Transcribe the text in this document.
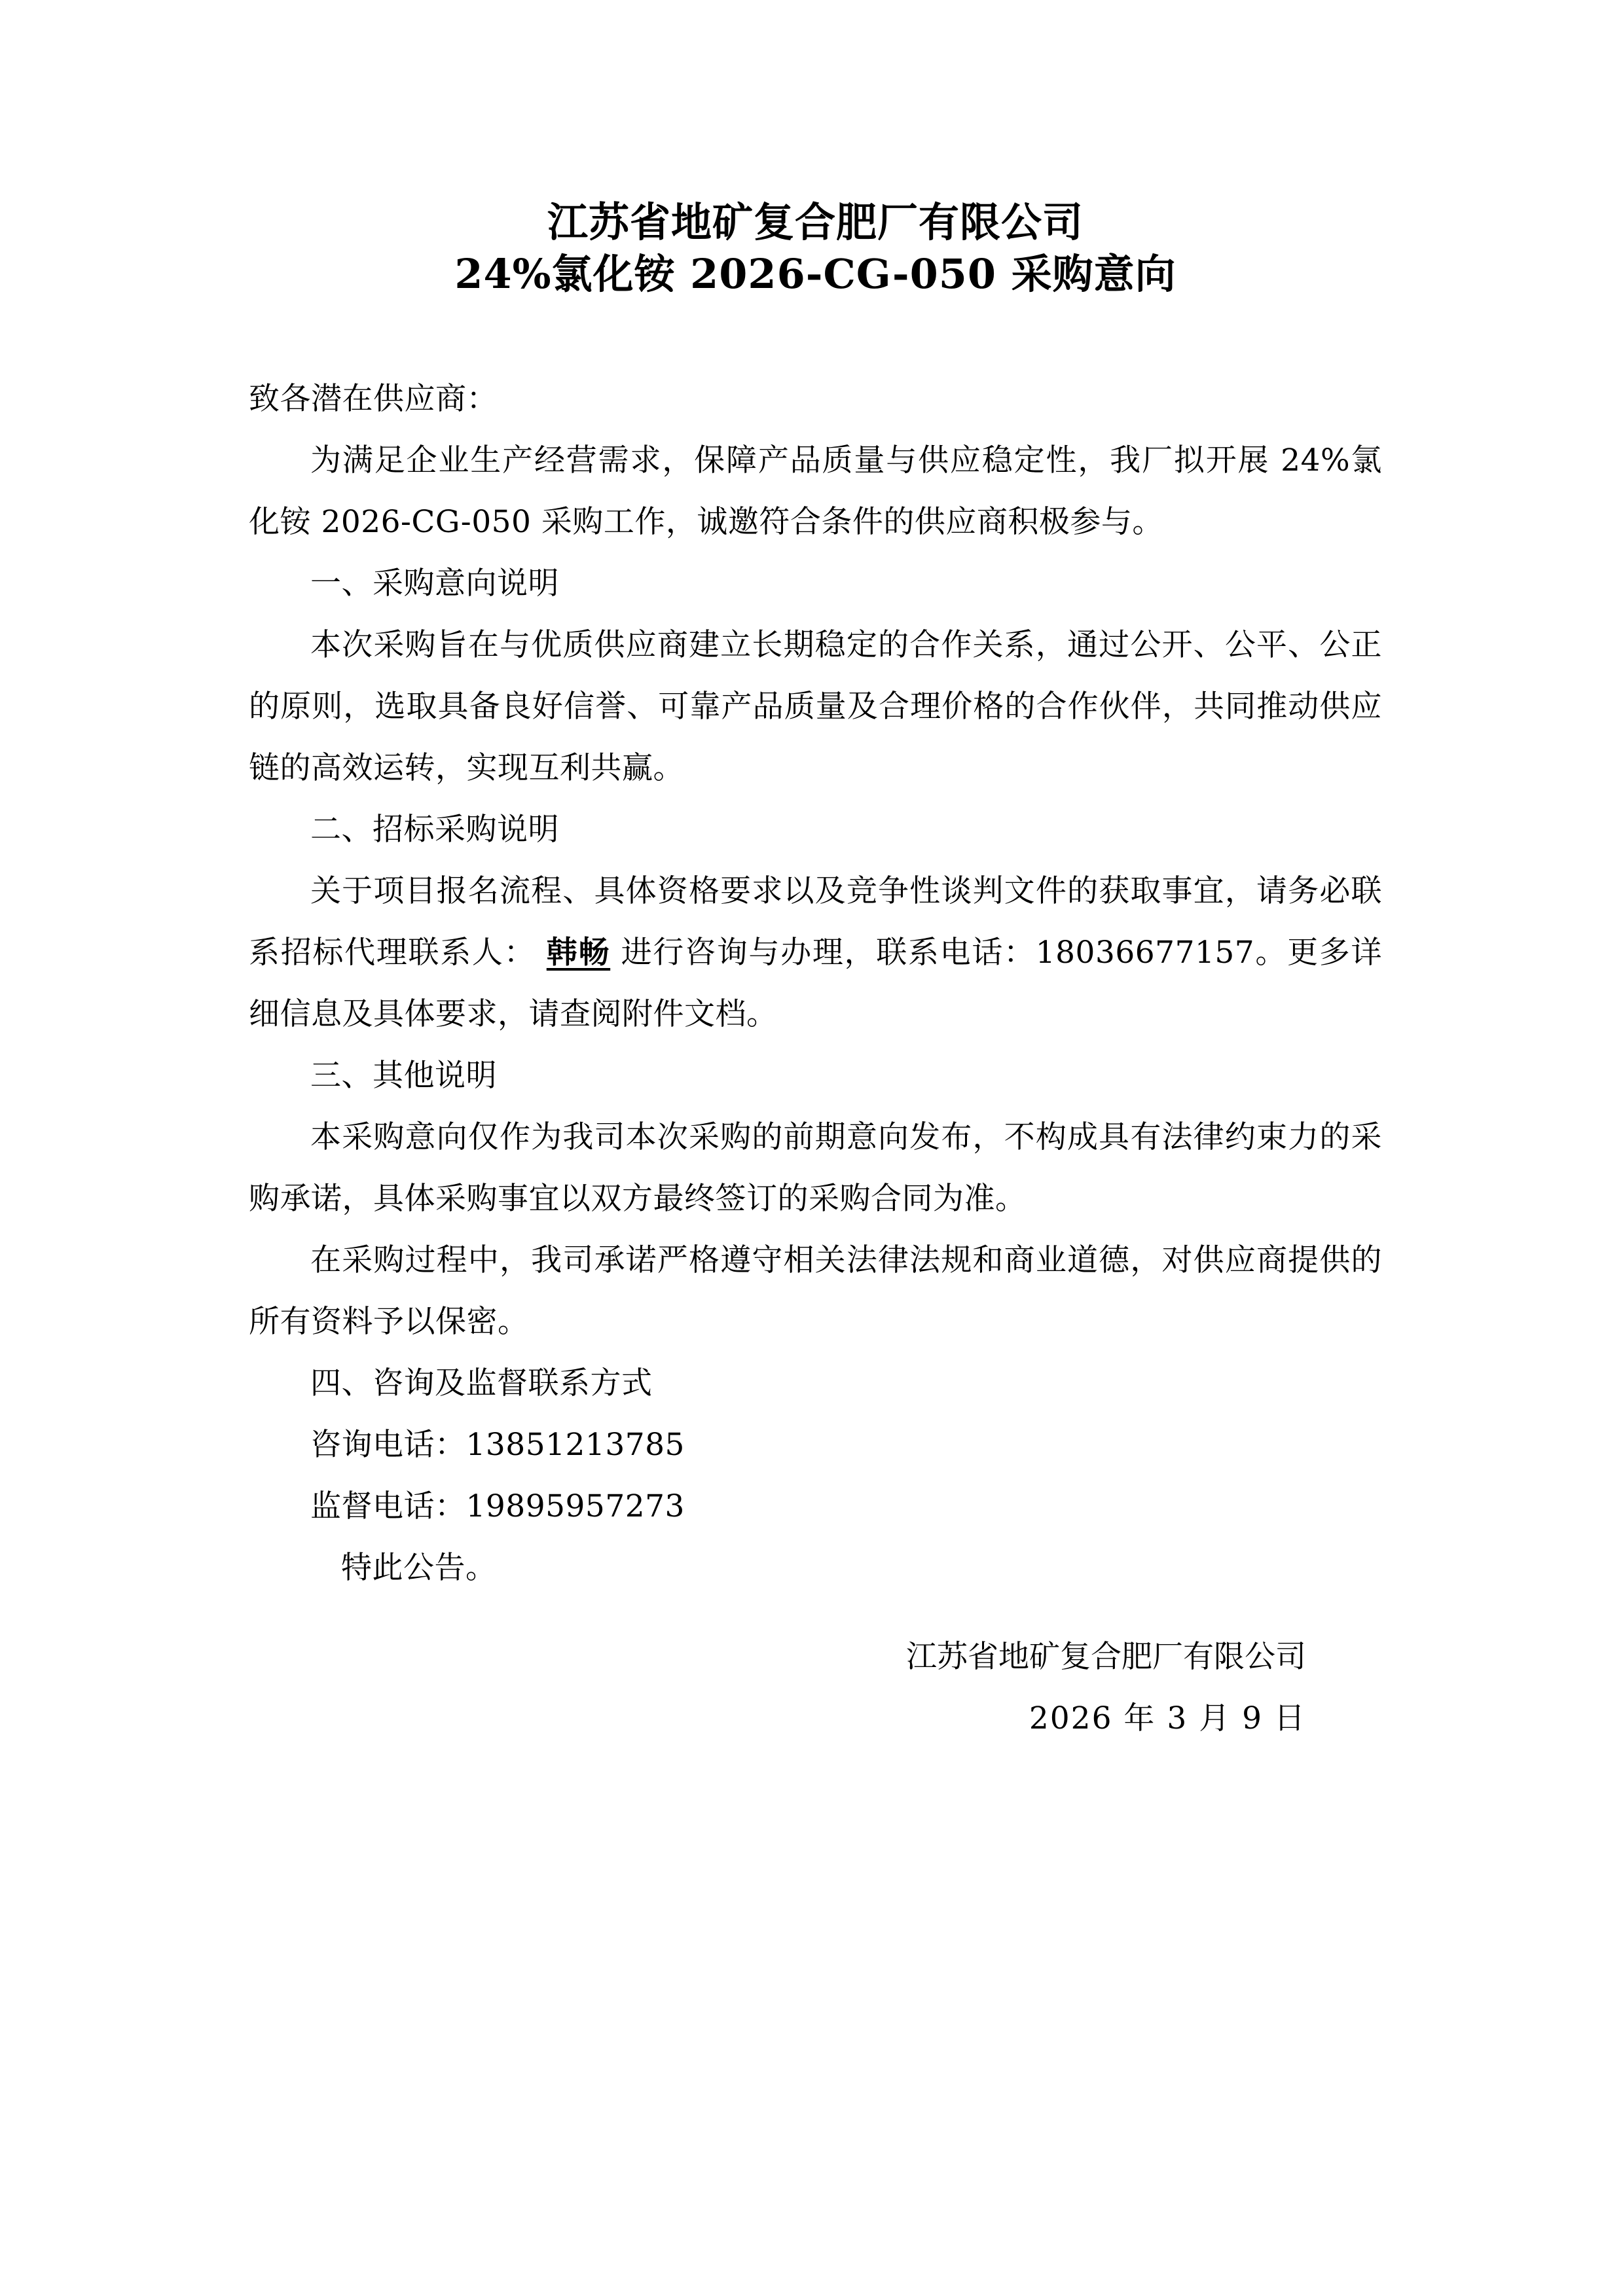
江苏省地矿复合肥厂有限公司
24%氯化铵 2026-CG-050 采购意向

致各潜在供应商：

为满足企业生产经营需求，保障产品质量与供应稳定性，我厂拟开展 24%氯化铵 2026-CG-050 采购工作，诚邀符合条件的供应商积极参与。

一、采购意向说明

本次采购旨在与优质供应商建立长期稳定的合作关系，通过公开、公平、公正的原则，选取具备良好信誉、可靠产品质量及合理价格的合作伙伴，共同推动供应链的高效运转，实现互利共赢。

二、招标采购说明

关于项目报名流程、具体资格要求以及竞争性谈判文件的获取事宜，请务必联系招标代理联系人： 韩畅 进行咨询与办理，联系电话：18036677157。更多详细信息及具体要求，请查阅附件文档。

三、其他说明

本采购意向仅作为我司本次采购的前期意向发布，不构成具有法律约束力的采购承诺，具体采购事宜以双方最终签订的采购合同为准。

在采购过程中，我司承诺严格遵守相关法律法规和商业道德，对供应商提供的所有资料予以保密。

四、咨询及监督联系方式

咨询电话：13851213785

监督电话：19895957273

特此公告。

江苏省地矿复合肥厂有限公司
2026 年 3 月 9 日
